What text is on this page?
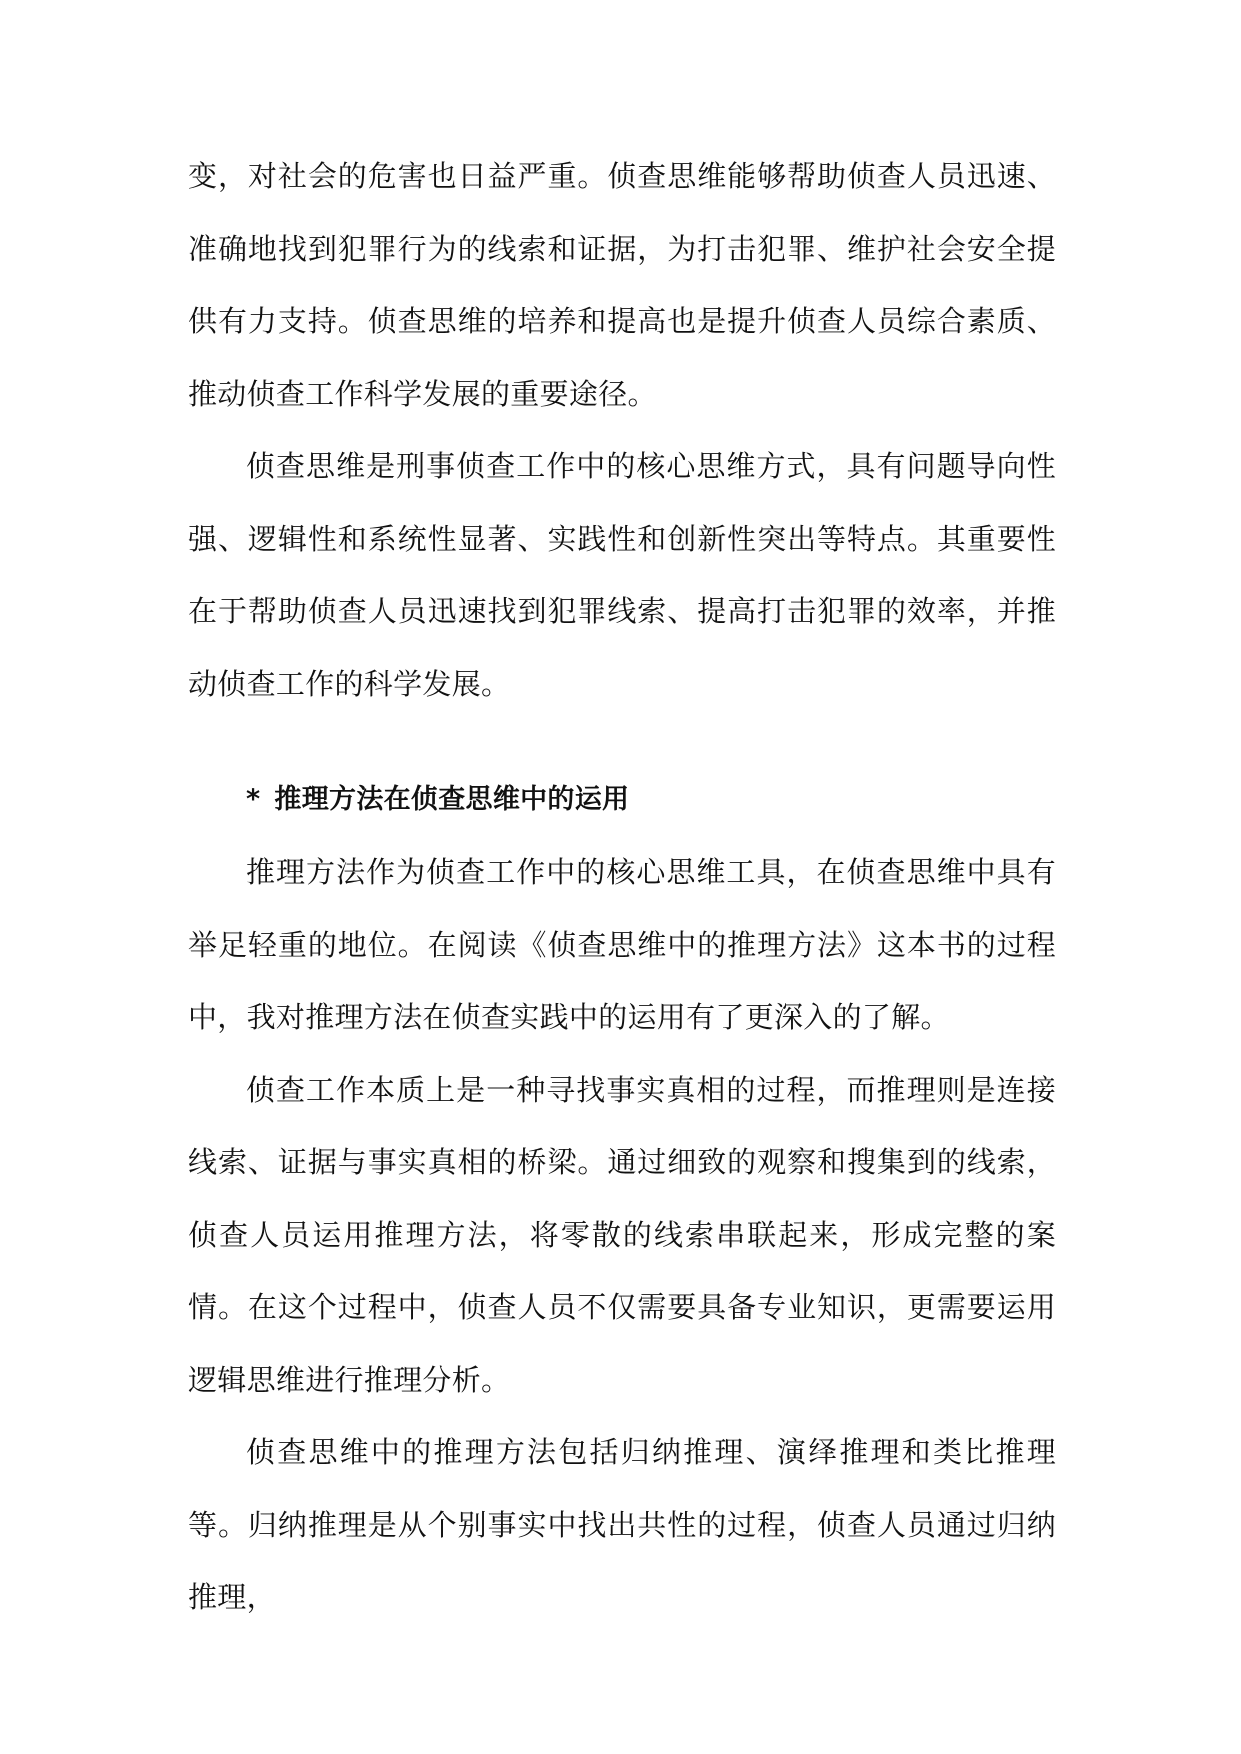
变，对社会的危害也日益严重。侦查思维能够帮助侦查人员迅速、准确地找到犯罪行为的线索和证据，为打击犯罪、维护社会安全提供有力支持。侦查思维的培养和提高也是提升侦查人员综合素质、推动侦查工作科学发展的重要途径。

侦查思维是刑事侦查工作中的核心思维方式，具有问题导向性强、逻辑性和系统性显著、实践性和创新性突出等特点。其重要性在于帮助侦查人员迅速找到犯罪线索、提高打击犯罪的效率，并推动侦查工作的科学发展。

* 推理方法在侦查思维中的运用

推理方法作为侦查工作中的核心思维工具，在侦查思维中具有举足轻重的地位。在阅读《侦查思维中的推理方法》这本书的过程中，我对推理方法在侦查实践中的运用有了更深入的了解。

侦查工作本质上是一种寻找事实真相的过程，而推理则是连接线索、证据与事实真相的桥梁。通过细致的观察和搜集到的线索，侦查人员运用推理方法，将零散的线索串联起来，形成完整的案情。在这个过程中，侦查人员不仅需要具备专业知识，更需要运用逻辑思维进行推理分析。

侦查思维中的推理方法包括归纳推理、演绎推理和类比推理等。归纳推理是从个别事实中找出共性的过程，侦查人员通过归纳推理，
